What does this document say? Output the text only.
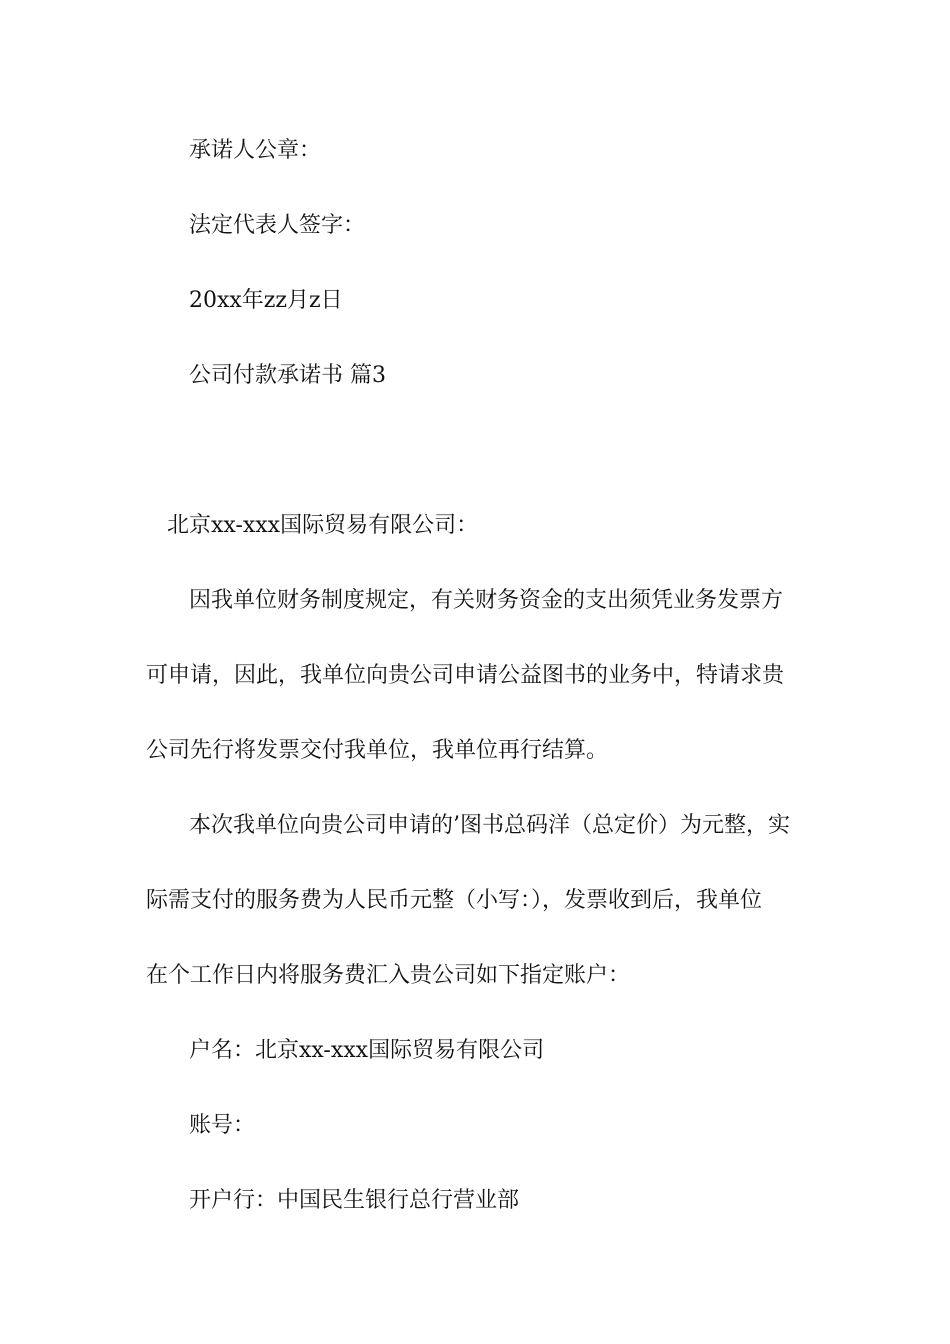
承诺人公章：
法定代表人签字：
20xx年zz月z日
公司付款承诺书 篇3
北京xx-xxx国际贸易有限公司：
因我单位财务制度规定，有关财务资金的支出须凭业务发票方
可申请，因此，我单位向贵公司申请公益图书的业务中，特请求贵
公司先行将发票交付我单位，我单位再行结算。
本次我单位向贵公司申请的’图书总码洋（总定价）为元整，实
际需支付的服务费为人民币元整（小写：），发票收到后，我单位
在个工作日内将服务费汇入贵公司如下指定账户：
户名：北京xx-xxx国际贸易有限公司
账号：
开户行：中国民生银行总行营业部
